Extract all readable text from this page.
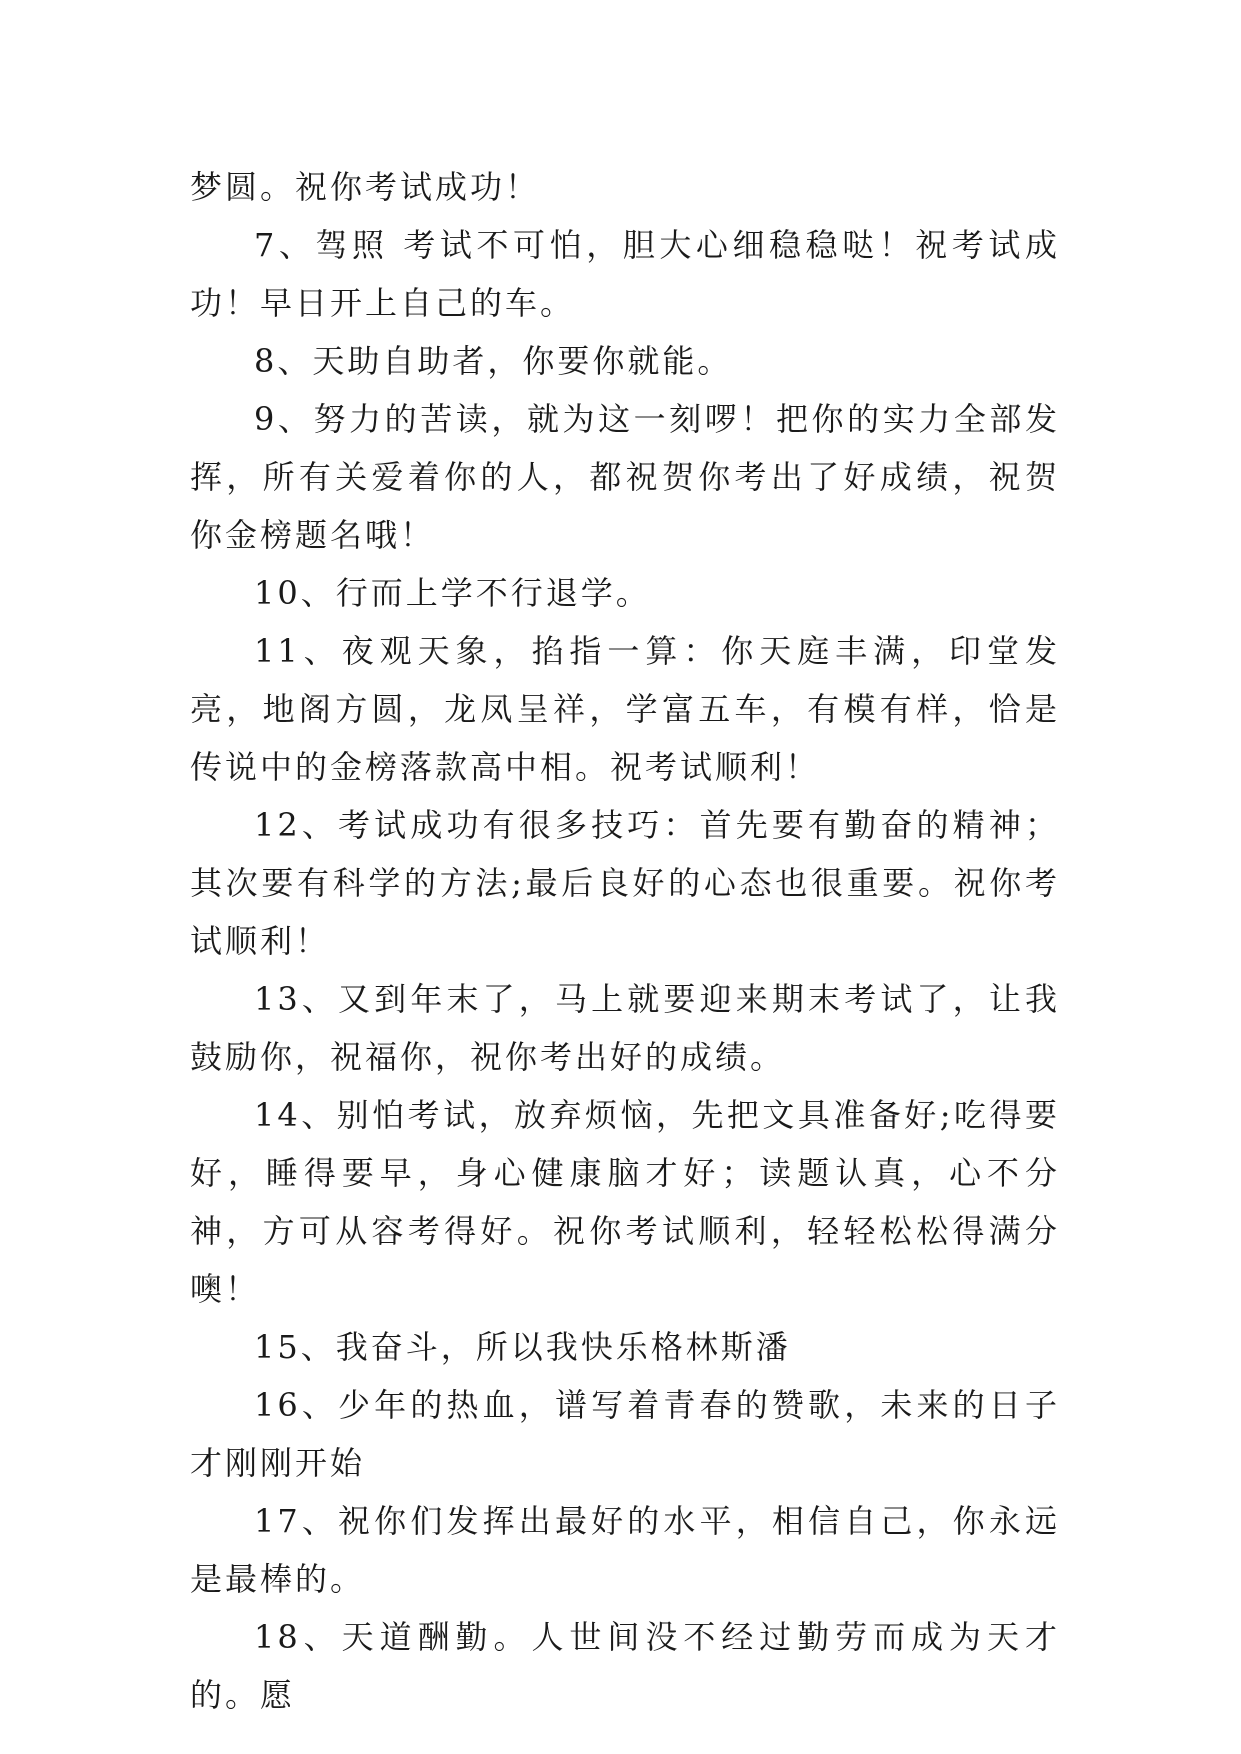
梦圆。祝你考试成功！

7、驾照 考试不可怕，胆大心细稳稳哒！祝考试成功！早日开上自己的车。

8、天助自助者，你要你就能。

9、努力的苦读，就为这一刻啰！把你的实力全部发挥，所有关爱着你的人，都祝贺你考出了好成绩，祝贺你金榜题名哦！

10、行而上学不行退学。

11、夜观天象，掐指一算：你天庭丰满，印堂发亮，地阁方圆，龙凤呈祥，学富五车，有模有样，恰是传说中的金榜落款高中相。祝考试顺利！

12、考试成功有很多技巧：首先要有勤奋的精神；其次要有科学的方法;最后良好的心态也很重要。祝你考试顺利！

13、又到年末了，马上就要迎来期末考试了，让我鼓励你，祝福你，祝你考出好的成绩。

14、别怕考试，放弃烦恼，先把文具准备好;吃得要好，睡得要早，身心健康脑才好；读题认真，心不分神，方可从容考得好。祝你考试顺利，轻轻松松得满分噢！

15、我奋斗，所以我快乐格林斯潘

16、少年的热血，谱写着青春的赞歌，未来的日子才刚刚开始

17、祝你们发挥出最好的水平，相信自己，你永远是最棒的。

18、天道酬勤。人世间没不经过勤劳而成为天才的。愿
